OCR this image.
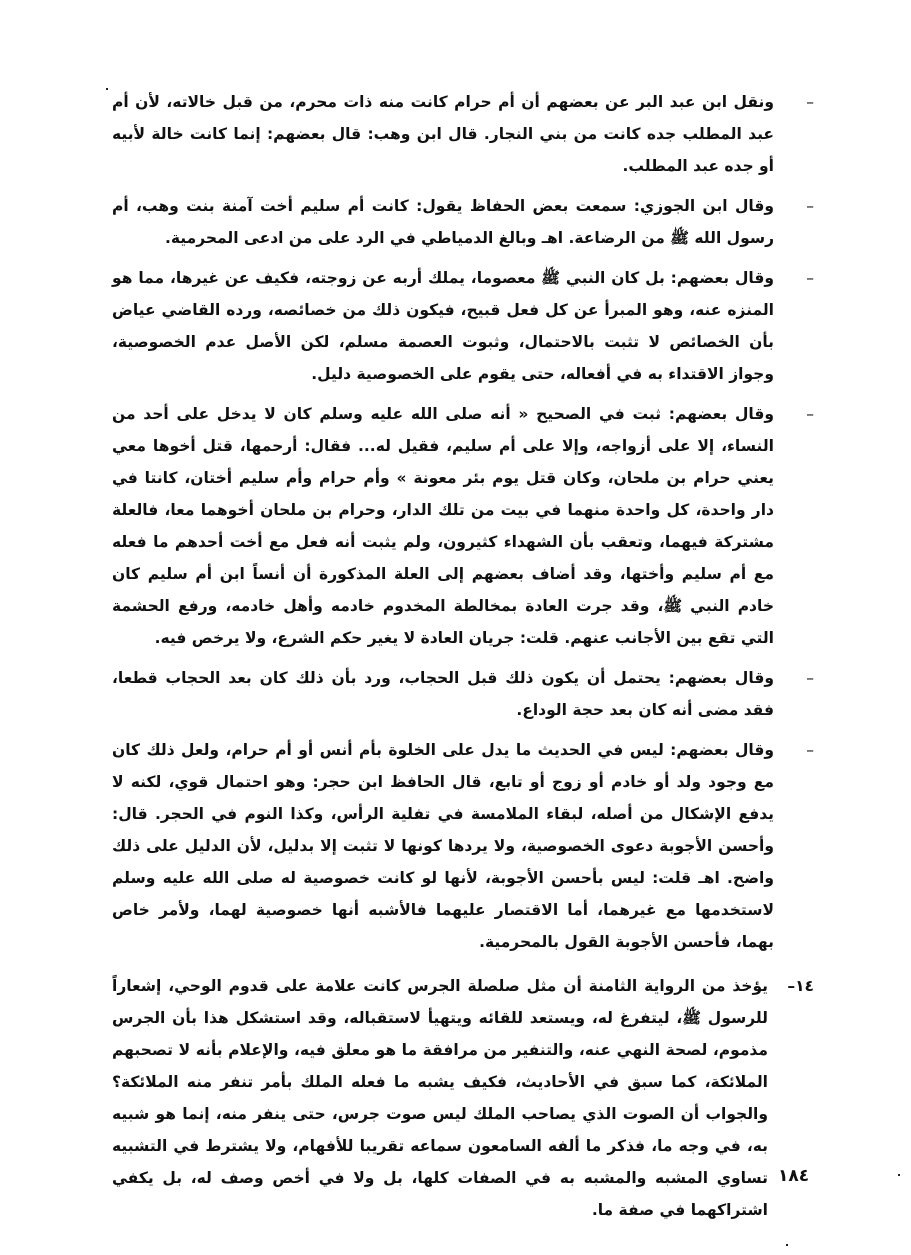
–
ونقل ابن عبد البر عن بعضهم أن أم حرام كانت منه ذات محرم، من قبل خالاته، لأن أم عبد المطلب جده كانت من بني النجار. قال ابن وهب: قال بعضهم: إنما كانت خالة لأبيه أو جده عبد المطلب.
–
وقال ابن الجوزي: سمعت بعض الحفاظ يقول: كانت أم سليم أخت آمنة بنت وهب، أم رسول الله ﷺ من الرضاعة. اهـ وبالغ الدمياطي في الرد على من ادعى المحرمية.
–
وقال بعضهم: بل كان النبي ﷺ معصوما، يملك أربه عن زوجته، فكيف عن غيرها، مما هو المنزه عنه، وهو المبرأ عن كل فعل قبيح، فيكون ذلك من خصائصه، ورده القاضي عياض بأن الخصائص لا تثبت بالاحتمال، وثبوت العصمة مسلم، لكن الأصل عدم الخصوصية، وجواز الاقتداء به في أفعاله، حتى يقوم على الخصوصية دليل.
–
وقال بعضهم: ثبت في الصحيح « أنه صلى الله عليه وسلم كان لا يدخل على أحد من النساء، إلا على أزواجه، وإلا على أم سليم، فقيل له... فقال: أرحمها، قتل أخوها معي يعني حرام بن ملحان، وكان قتل يوم بئر معونة » وأم حرام وأم سليم أختان، كانتا في دار واحدة، كل واحدة منهما في بيت من تلك الدار، وحرام بن ملحان أخوهما معا، فالعلة مشتركة فيهما، وتعقب بأن الشهداء كثيرون، ولم يثبت أنه فعل مع أخت أحدهم ما فعله مع أم سليم وأختها، وقد أضاف بعضهم إلى العلة المذكورة أن أنساً ابن أم سليم كان خادم النبي ﷺ، وقد جرت العادة بمخالطة المخدوم خادمه وأهل خادمه، ورفع الحشمة التي تقع بين الأجانب عنهم. قلت: جريان العادة لا يغير حكم الشرع، ولا يرخص فيه.
–
وقال بعضهم: يحتمل أن يكون ذلك قبل الحجاب، ورد بأن ذلك كان بعد الحجاب قطعا، فقد مضى أنه كان بعد حجة الوداع.
–
وقال بعضهم: ليس في الحديث ما يدل على الخلوة بأم أنس أو أم حرام، ولعل ذلك كان مع وجود ولد أو خادم أو زوج أو تابع، قال الحافظ ابن حجر: وهو احتمال قوي، لكنه لا يدفع الإشكال من أصله، لبقاء الملامسة في تفلية الرأس، وكذا النوم في الحجر. قال: وأحسن الأجوبة دعوى الخصوصية، ولا يردها كونها لا تثبت إلا بدليل، لأن الدليل على ذلك واضح. اهـ قلت: ليس بأحسن الأجوبة، لأنها لو كانت خصوصية له صلى الله عليه وسلم لاستخدمها مع غيرهما، أما الاقتصار عليهما فالأشبه أنها خصوصية لهما، ولأمر خاص بهما، فأحسن الأجوبة القول بالمحرمية.
١٤–
يؤخذ من الرواية الثامنة أن مثل صلصلة الجرس كانت علامة على قدوم الوحي، إشعاراً للرسول ﷺ، ليتفرغ له، ويستعد للقائه ويتهيأ لاستقباله، وقد استشكل هذا بأن الجرس مذموم، لصحة النهي عنه، والتنفير من مرافقة ما هو معلق فيه، والإعلام بأنه لا تصحبهم الملائكة، كما سبق في الأحاديث، فكيف يشبه ما فعله الملك بأمر تنفر منه الملائكة؟ والجواب أن الصوت الذي يصاحب الملك ليس صوت جرس، حتى ينفر منه، إنما هو شبيه به، في وجه ما، فذكر ما ألفه السامعون سماعه تقريبا للأفهام، ولا يشترط في التشبيه تساوي المشبه والمشبه به في الصفات كلها، بل ولا في أخص وصف له، بل يكفي اشتراكهما في صفة ما.
١٨٤
